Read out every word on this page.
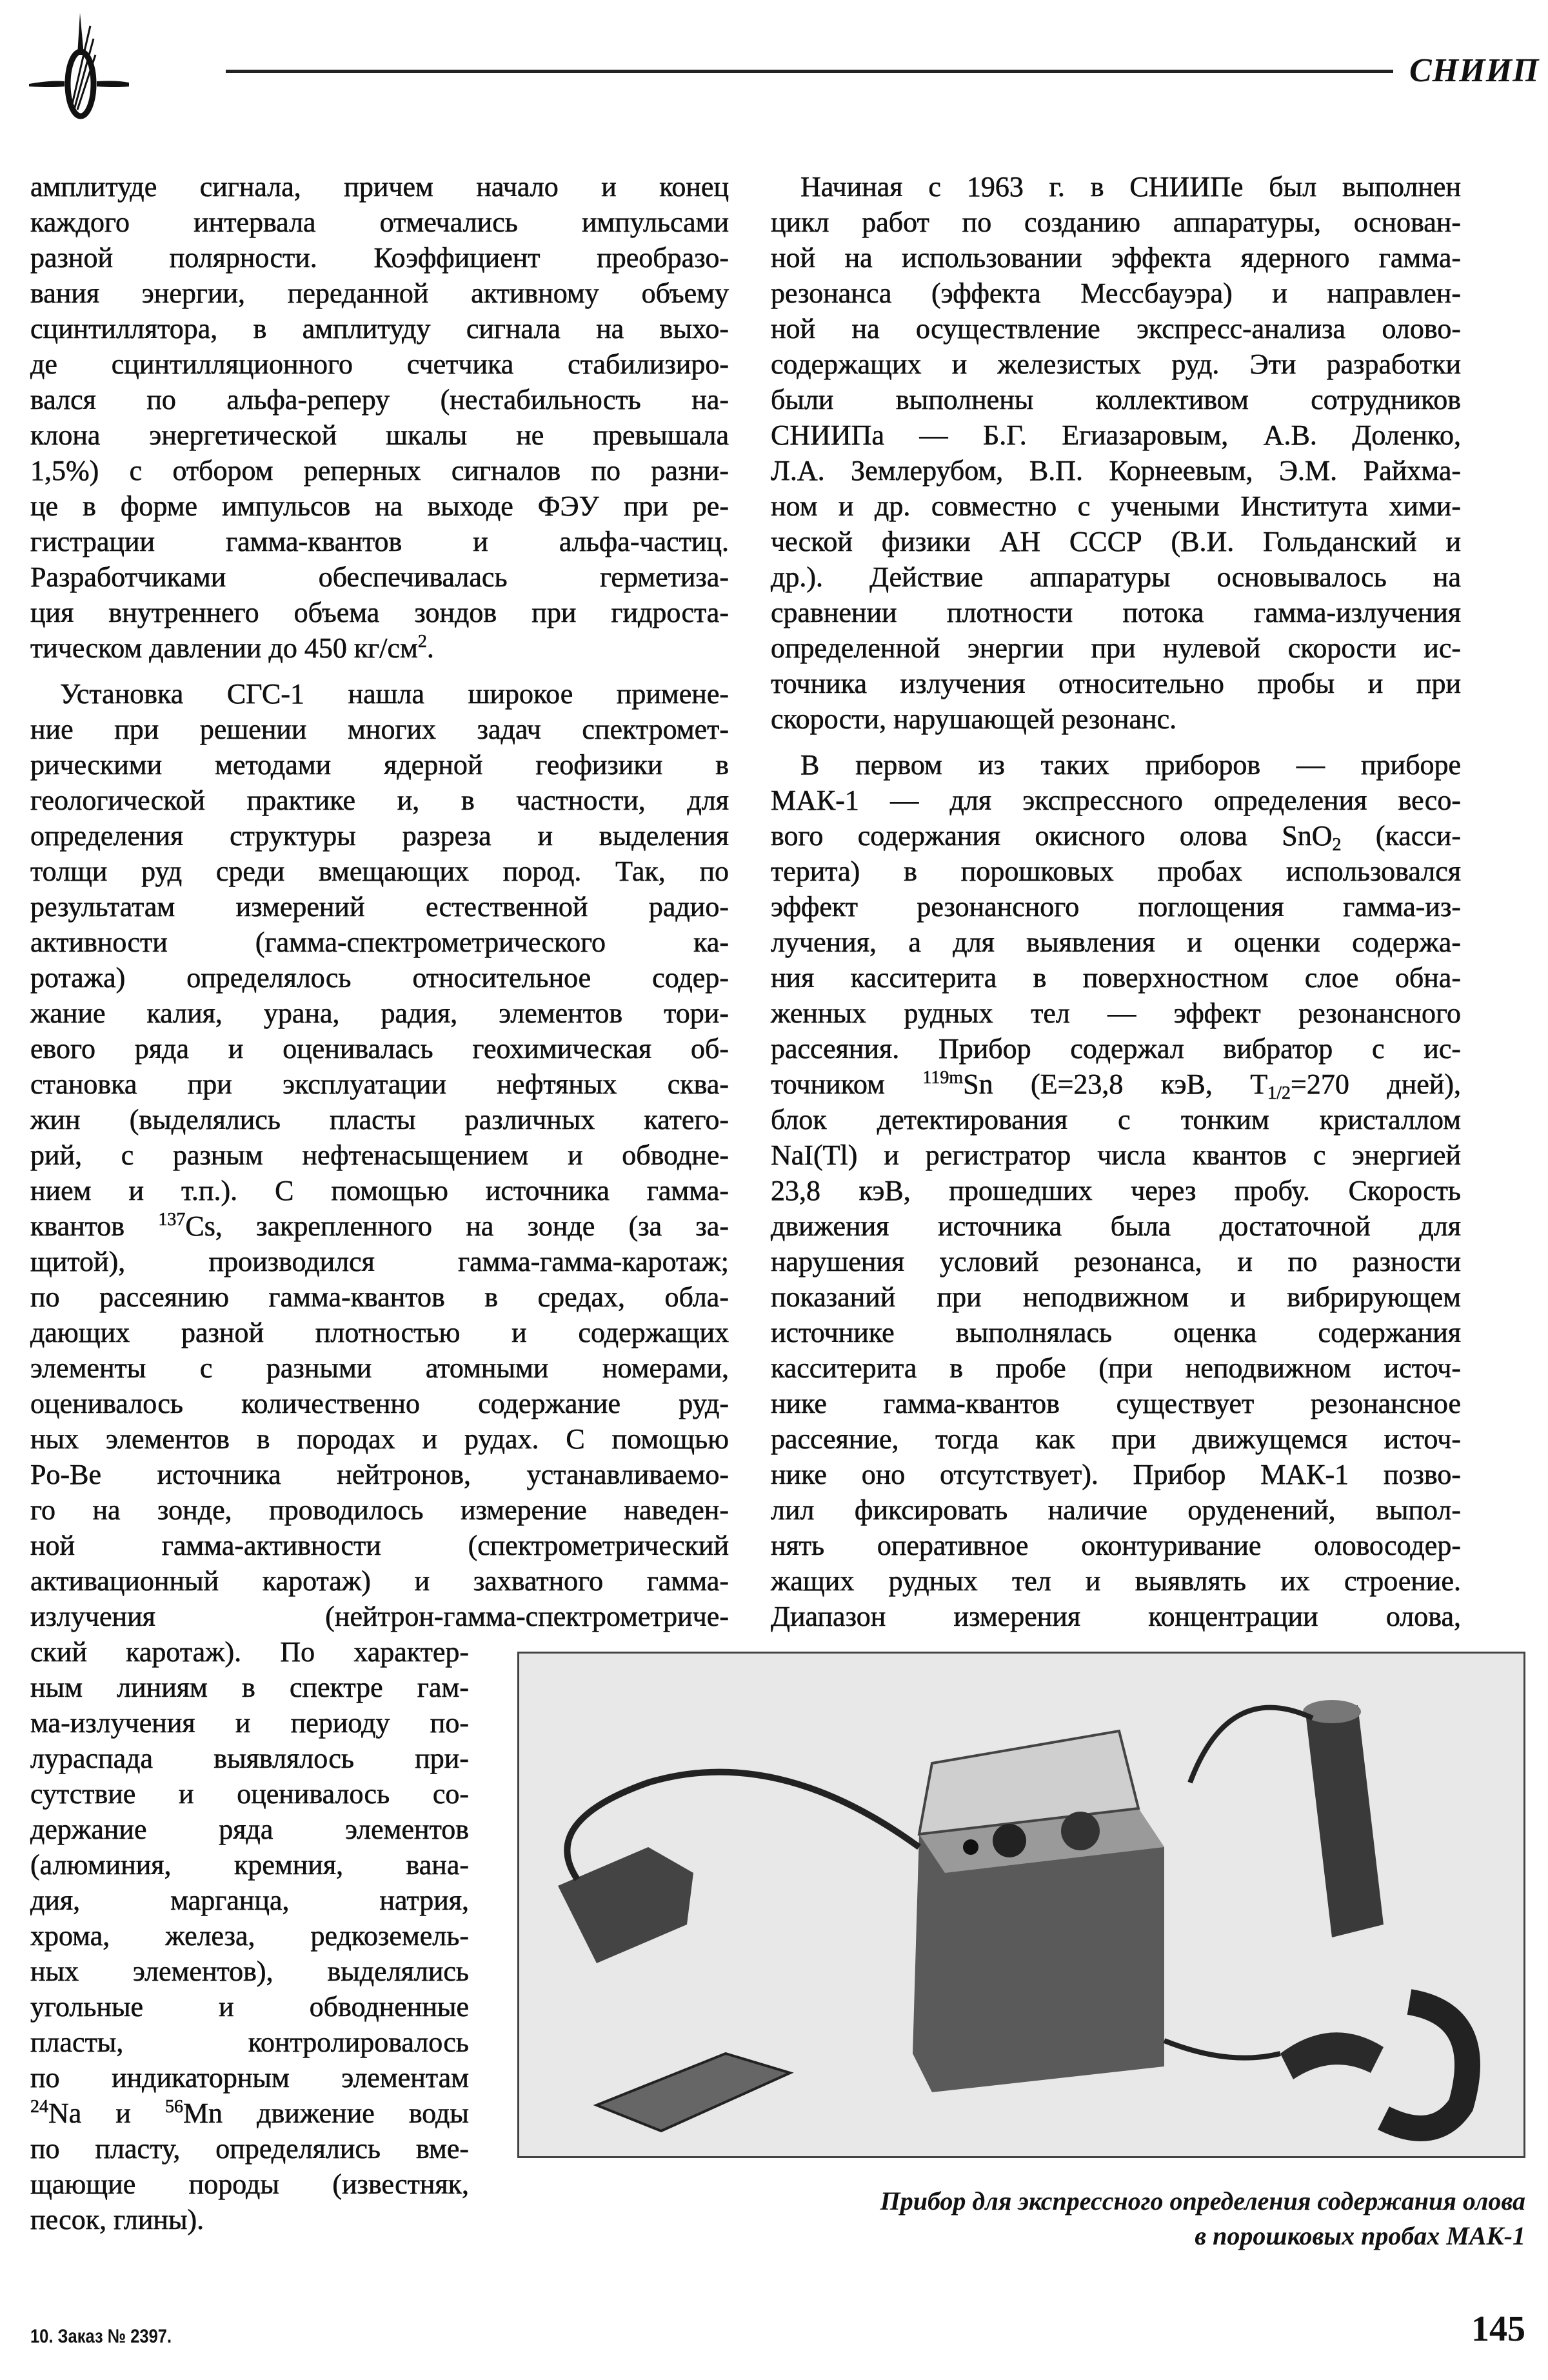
СНИИП
амплитуде сигнала, причем начало и конец
каждого интервала отмечались импульсами
разной полярности. Коэффициент преобразо-
вания энергии, переданной активному объему
сцинтиллятора, в амплитуду сигнала на выхо-
де сцинтилляционного счетчика стабилизиро-
вался по альфа-реперу (нестабильность на-
клона энергетической шкалы не превышала
1,5%) с отбором реперных сигналов по разни-
це в форме импульсов на выходе ФЭУ при ре-
гистрации гамма-квантов и альфа-частиц.
Разработчиками обеспечивалась герметиза-
ция внутреннего объема зондов при гидроста-
тическом давлении до 450 $кг/см^2$.
Установка СГС-1 нашла широкое примене-
ние при решении многих задач спектромет-
рическими методами ядерной геофизики в
геологической практике и, в частности, для
определения структуры разреза и выделения
толщи руд среди вмещающих пород. Так, по
результатам измерений естественной радио-
активности (гамма-спектрометрического ка-
ротажа) определялось относительное содер-
жание калия, урана, радия, элементов тори-
евого ряда и оценивалась геохимическая об-
становка при эксплуатации нефтяных сква-
жин (выделялись пласты различных катего-
рий, с разным нефтенасыщением и обводне-
нием и т.п.). С помощью источника гамма-
квантов $^{137}$Cs, закрепленного на зонде (за за-
щитой), производился гамма-гамма-каротаж;
по рассеянию гамма-квантов в средах, обла-
дающих разной плотностью и содержащих
элементы с разными атомными номерами,
оценивалось количественно содержание руд-
ных элементов в породах и рудах. С помощью
Po-Be источника нейтронов, устанавливаемо-
го на зонде, проводилось измерение наведен-
ной гамма-активности (спектрометрический
активационный каротаж) и захватного гамма-
излучения (нейтрон-гамма-спектрометриче-
ский каротаж). По характер-
ным линиям в спектре гам-
ма-излучения и периоду по-
лураспада выявлялось при-
сутствие и оценивалось со-
держание ряда элементов
(алюминия, кремния, вана-
дия, марганца, натрия,
хрома, железа, редкоземель-
ных элементов), выделялись
угольные и обводненные
пласты, контролировалось
по индикаторным элементам
$^{24}$Na и $^{56}$Mn движение воды
по пласту, определялись вме-
щающие породы (известняк,
песок, глины).
Начиная с 1963 г. в СНИИПе был выполнен
цикл работ по созданию аппаратуры, основан-
ной на использовании эффекта ядерного гамма-
резонанса (эффекта Мессбауэра) и направлен-
ной на осуществление экспресс-анализа олово-
содержащих и железистых руд. Эти разработки
были выполнены коллективом сотрудников
СНИИПа — Б.Г. Егиазаровым, А.В. Доленко,
Л.А. Землерубом, В.П. Корнеевым, Э.М. Райхма-
ном и др. совместно с учеными Института хими-
ческой физики АН СССР (В.И. Гольданский и
др.). Действие аппаратуры основывалось на
сравнении плотности потока гамма-излучения
определенной энергии при нулевой скорости ис-
точника излучения относительно пробы и при
скорости, нарушающей резонанс.
В первом из таких приборов — приборе
МАК-1 — для экспрессного определения весо-
вого содержания окисного олова SnO$_2$ (касси-
терита) в порошковых пробах использовался
эффект резонансного поглощения гамма-из-
лучения, а для выявления и оценки содержа-
ния касситерита в поверхностном слое обна-
женных рудных тел — эффект резонансного
рассеяния. Прибор содержал вибратор с ис-
точником $^{119m}$Sn (E=23,8 кэВ, $T_{1/2}=270$ дней),
блок детектирования с тонким кристаллом
NaI(Tl) и регистратор числа квантов с энергией
23,8 кэВ, прошедших через пробу. Скорость
движения источника была достаточной для
нарушения условий резонанса, и по разности
показаний при неподвижном и вибрирующем
источнике выполнялась оценка содержания
касситерита в пробе (при неподвижном источ-
нике гамма-квантов существует резонансное
рассеяние, тогда как при движущемся источ-
нике оно отсутствует). Прибор МАК-1 позво-
лил фиксировать наличие оруденений, выпол-
нять оперативное оконтуривание оловосодер-
жащих рудных тел и выявлять их строение.
Диапазон измерения концентрации олова,
Прибор для экспрессного определения содержания олова
в порошковых пробах МАК-1
10. Заказ № 2397.	145
